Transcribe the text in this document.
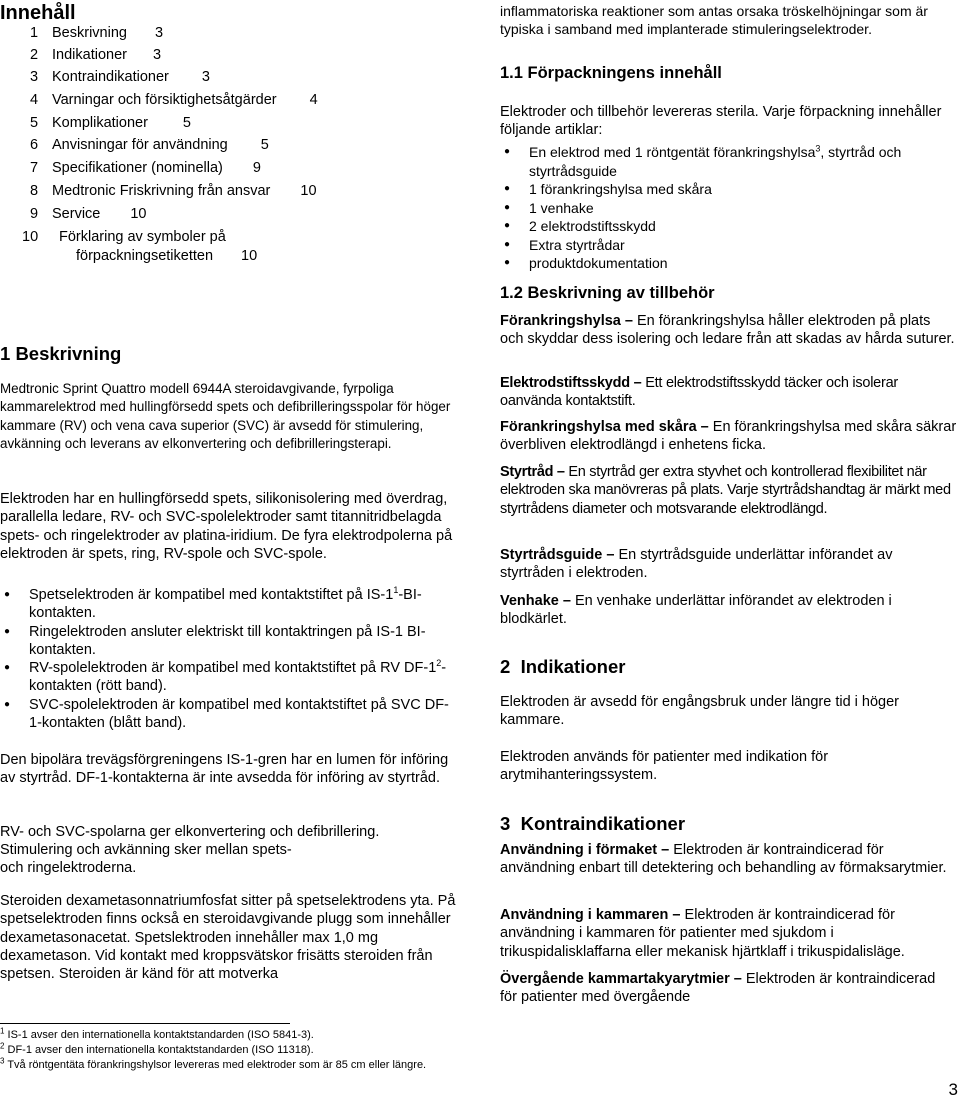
Innehåll
1 Beskrivning 3
2 Indikationer 3
3 Kontraindikationer 3
4 Varningar och försiktighetsåtgärder 4
5 Komplikationer 5
6 Anvisningar för användning 5
7 Specifikationer (nominella) 9
8 Medtronic Friskrivning från ansvar 10
9 Service 10
10 Förklaring av symboler på
förpackningsetiketten 10
1 Beskrivning

Medtronic Sprint Quattro modell 6944A steroidavgivande, fyrpoliga kammarelektrod med hullingförsedd spets och defibrilleringsspolar för höger kammare (RV) och vena cava superior (SVC) är avsedd för stimulering, avkänning och leverans av elkonvertering och defibrilleringsterapi.

Elektroden har en hullingförsedd spets, silikonisolering med överdrag, parallella ledare, RV- och SVC-spolelektroder samt titannitridbelagda spets- och ringelektroder av platina-iridium. De fyra elektrodpolerna på elektroden är spets, ring, RV-spole och SVC-spole.

● Spetselektroden är kompatibel med kontaktstiftet på $IS-1^1-BI$-kontakten.
● Ringelektroden ansluter elektriskt till kontaktringen på IS-1 BI-kontakten.
● RV-spolelektroden är kompatibel med kontaktstiftet på RV $DF-1^2$-kontakten (rött band).
● SVC-spolelektroden är kompatibel med kontaktstiftet på SVC DF-1-kontakten (blått band).

Den bipolära trevägsförgreningens IS-1-gren har en lumen för införing av styrtråd. DF-1-kontakterna är inte avsedda för införing av styrtråd.

RV- och SVC-spolarna ger elkonvertering och defibrillering.

Stimulering och avkänning sker mellan spets-

och ringelektroderna.

Steroiden dexametasonnatriumfosfat sitter på spetselektrodens yta. På spetselektroden finns också en steroidavgivande plugg som innehåller dexametasonacetat. Spetslektroden innehåller max 1,0 mg dexametason. Vid kontakt med kroppsvätskor frisätts steroiden från spetsen. Steroiden är känd för att motverka

inflammatoriska reaktioner som antas orsaka tröskelhöjningar som är typiska i samband med implanterade stimuleringselektroder.

1.1 Förpackningens innehåll

Elektroder och tillbehör levereras sterila. Varje förpackning innehåller följande artiklar:

● En elektrod med 1 röntgentät förankringshylsa$^3$, styrtråd och styrtrådsguide
● 1 förankringshylsa med skåra
● 1 venhake
● 2 elektrodstiftsskydd
● Extra styrtrådar
● produktdokumentation
1.2 Beskrivning av tillbehör

Förankringshylsa – En förankringshylsa håller elektroden på plats och skyddar dess isolering och ledare från att skadas av hårda suturer.

Elektrodstiftsskydd – Ett elektrodstiftsskydd täcker och isolerar oanvända kontaktstift.

Förankringshylsa med skåra – En förankringshylsa med skåra säkrar överbliven elektrodlängd i enhetens ficka.

Styrtråd – En styrtråd ger extra styvhet och kontrollerad flexibilitet när elektroden ska manövreras på plats. Varje styrtrådshandtag är märkt med styrtrådens diameter och motsvarande elektrodlängd.

Styrtrådsguide – En styrtrådsguide underlättar införandet av styrtråden i elektroden.

Venhake – En venhake underlättar införandet av elektroden i blodkärlet.

2 Indikationer

Elektroden är avsedd för engångsbruk under längre tid i höger kammare.

Elektroden används för patienter med indikation för arytmihanteringssystem.

3 Kontraindikationer

Användning i förmaket – Elektroden är kontraindicerad för användning enbart till detektering och behandling av förmaksarytmier.

Användning i kammaren – Elektroden är kontraindicerad för användning i kammaren för patienter med sjukdom i trikuspidalisklaffarna eller mekanisk hjärtklaff i trikuspidalisläge.

Övergående kammartakyarytmier – Elektroden är kontraindicerad för patienter med övergående

$^1$ IS-1 avser den internationella kontaktstandarden (ISO 5841-3).
$^2$ DF-1 avser den internationella kontaktstandarden (ISO 11318).
$^3$ Två röntgentäta förankringshylsor levereras med elektroder som är 85 cm eller längre.
3
